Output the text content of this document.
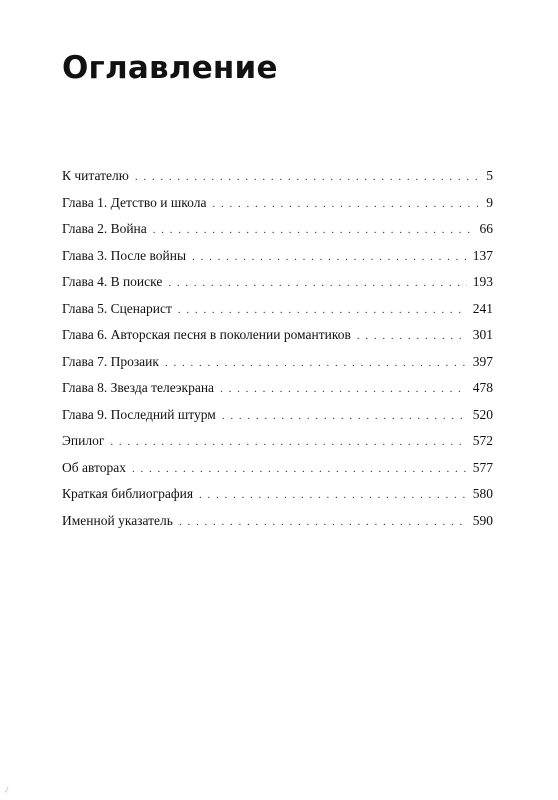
Оглавление
К читателю . . .	5
Глава 1. Детство и школа . . .	9
Глава 2. Война . . .	66
Глава 3. После войны . . .	137
Глава 4. В поиске . . .	193
Глава 5. Сценарист . . .	241
Глава 6. Авторская песня в поколении романтиков . . .	301
Глава 7. Прозаик . . .	397
Глава 8. Звезда телеэкрана . . .	478
Глава 9. Последний штурм . . .	520
Эпилог . . .	572
Об авторах . . .	577
Краткая библиография . . .	580
Именной указатель . . .	590
